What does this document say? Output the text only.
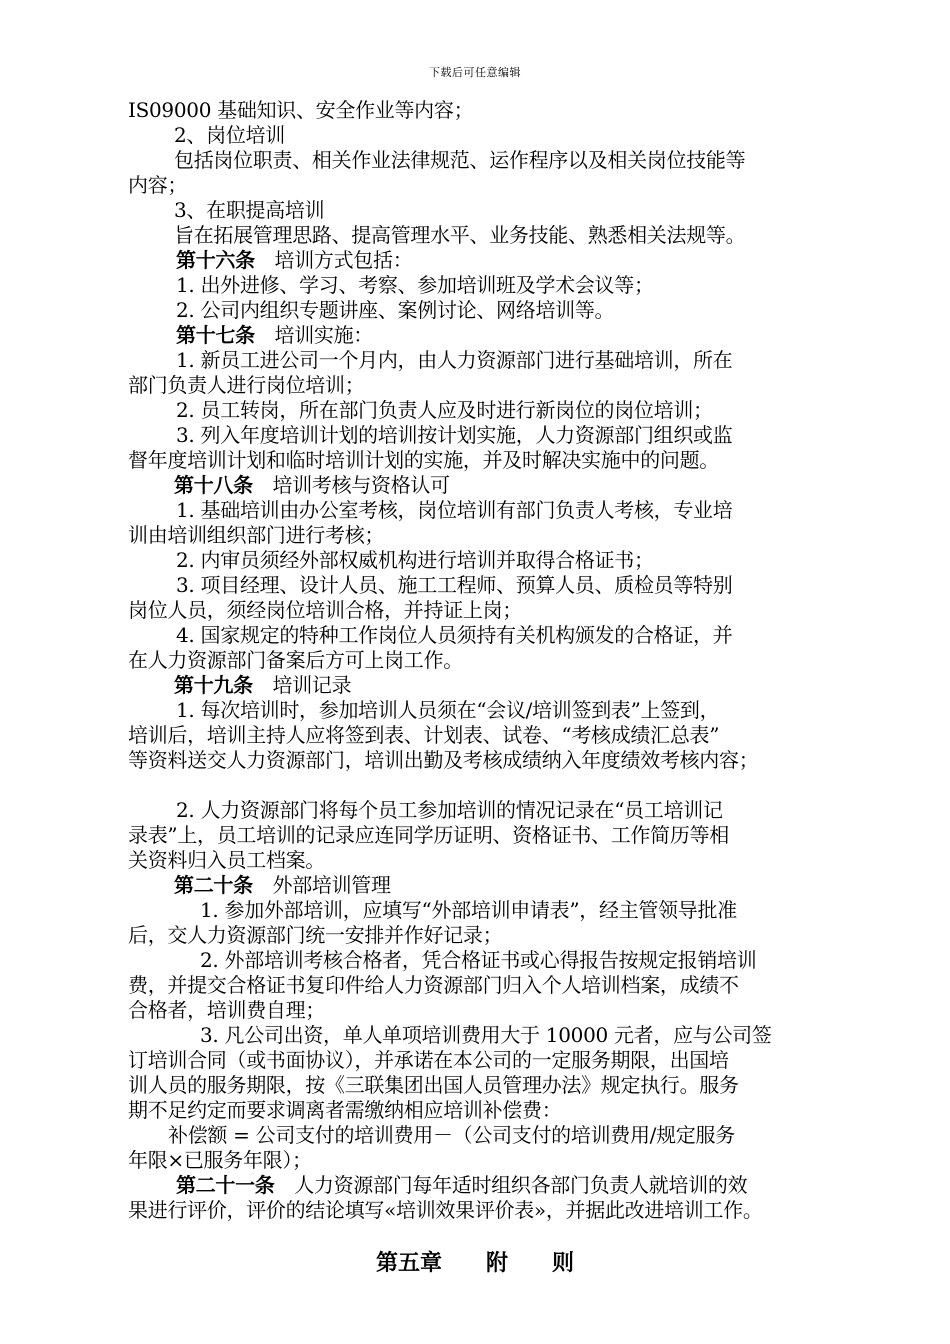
下载后可任意编辑
IS09000 基础知识、安全作业等内容；
2、岗位培训
包括岗位职责、相关作业法律规范、运作程序以及相关岗位技能等
内容；
3、在职提高培训
旨在拓展管理思路、提高管理水平、业务技能、熟悉相关法规等。
第十六条　培训方式包括：
1. 出外进修、学习、考察、参加培训班及学术会议等；
2. 公司内组织专题讲座、案例讨论、网络培训等。
第十七条　培训实施：
1. 新员工进公司一个月内，由人力资源部门进行基础培训，所在
部门负责人进行岗位培训；
2. 员工转岗，所在部门负责人应及时进行新岗位的岗位培训；
3. 列入年度培训计划的培训按计划实施，人力资源部门组织或监
督年度培训计划和临时培训计划的实施，并及时解决实施中的问题。
第十八条　培训考核与资格认可
1. 基础培训由办公室考核，岗位培训有部门负责人考核，专业培
训由培训组织部门进行考核；
2. 内审员须经外部权威机构进行培训并取得合格证书；
3. 项目经理、设计人员、施工工程师、预算人员、质检员等特别
岗位人员，须经岗位培训合格，并持证上岗；
4. 国家规定的特种工作岗位人员须持有关机构颁发的合格证，并
在人力资源部门备案后方可上岗工作。
第十九条　培训记录
1. 每次培训时，参加培训人员须在“会议/培训签到表”上签到，
培训后，培训主持人应将签到表、计划表、试卷、“考核成绩汇总表”
等资料送交人力资源部门，培训出勤及考核成绩纳入年度绩效考核内容；
2. 人力资源部门将每个员工参加培训的情况记录在“员工培训记
录表”上，员工培训的记录应连同学历证明、资格证书、工作简历等相
关资料归入员工档案。
第二十条　外部培训管理
1. 参加外部培训，应填写“外部培训申请表”，经主管领导批准
后，交人力资源部门统一安排并作好记录；
2. 外部培训考核合格者，凭合格证书或心得报告按规定报销培训
费，并提交合格证书复印件给人力资源部门归入个人培训档案，成绩不
合格者，培训费自理；
3. 凡公司出资，单人单项培训费用大于 10000 元者，应与公司签
订培训合同（或书面协议），并承诺在本公司的一定服务期限，出国培
训人员的服务期限，按《三联集团出国人员管理办法》规定执行。服务
期不足约定而要求调离者需缴纳相应培训补偿费：
补偿额 = 公司支付的培训费用－（公司支付的培训费用/规定服务
年限×已服务年限）；
第二十一条　人力资源部门每年适时组织各部门负责人就培训的效
果进行评价，评价的结论填写«培训效果评价表»，并据此改进培训工作。
第五章　　附　　则
